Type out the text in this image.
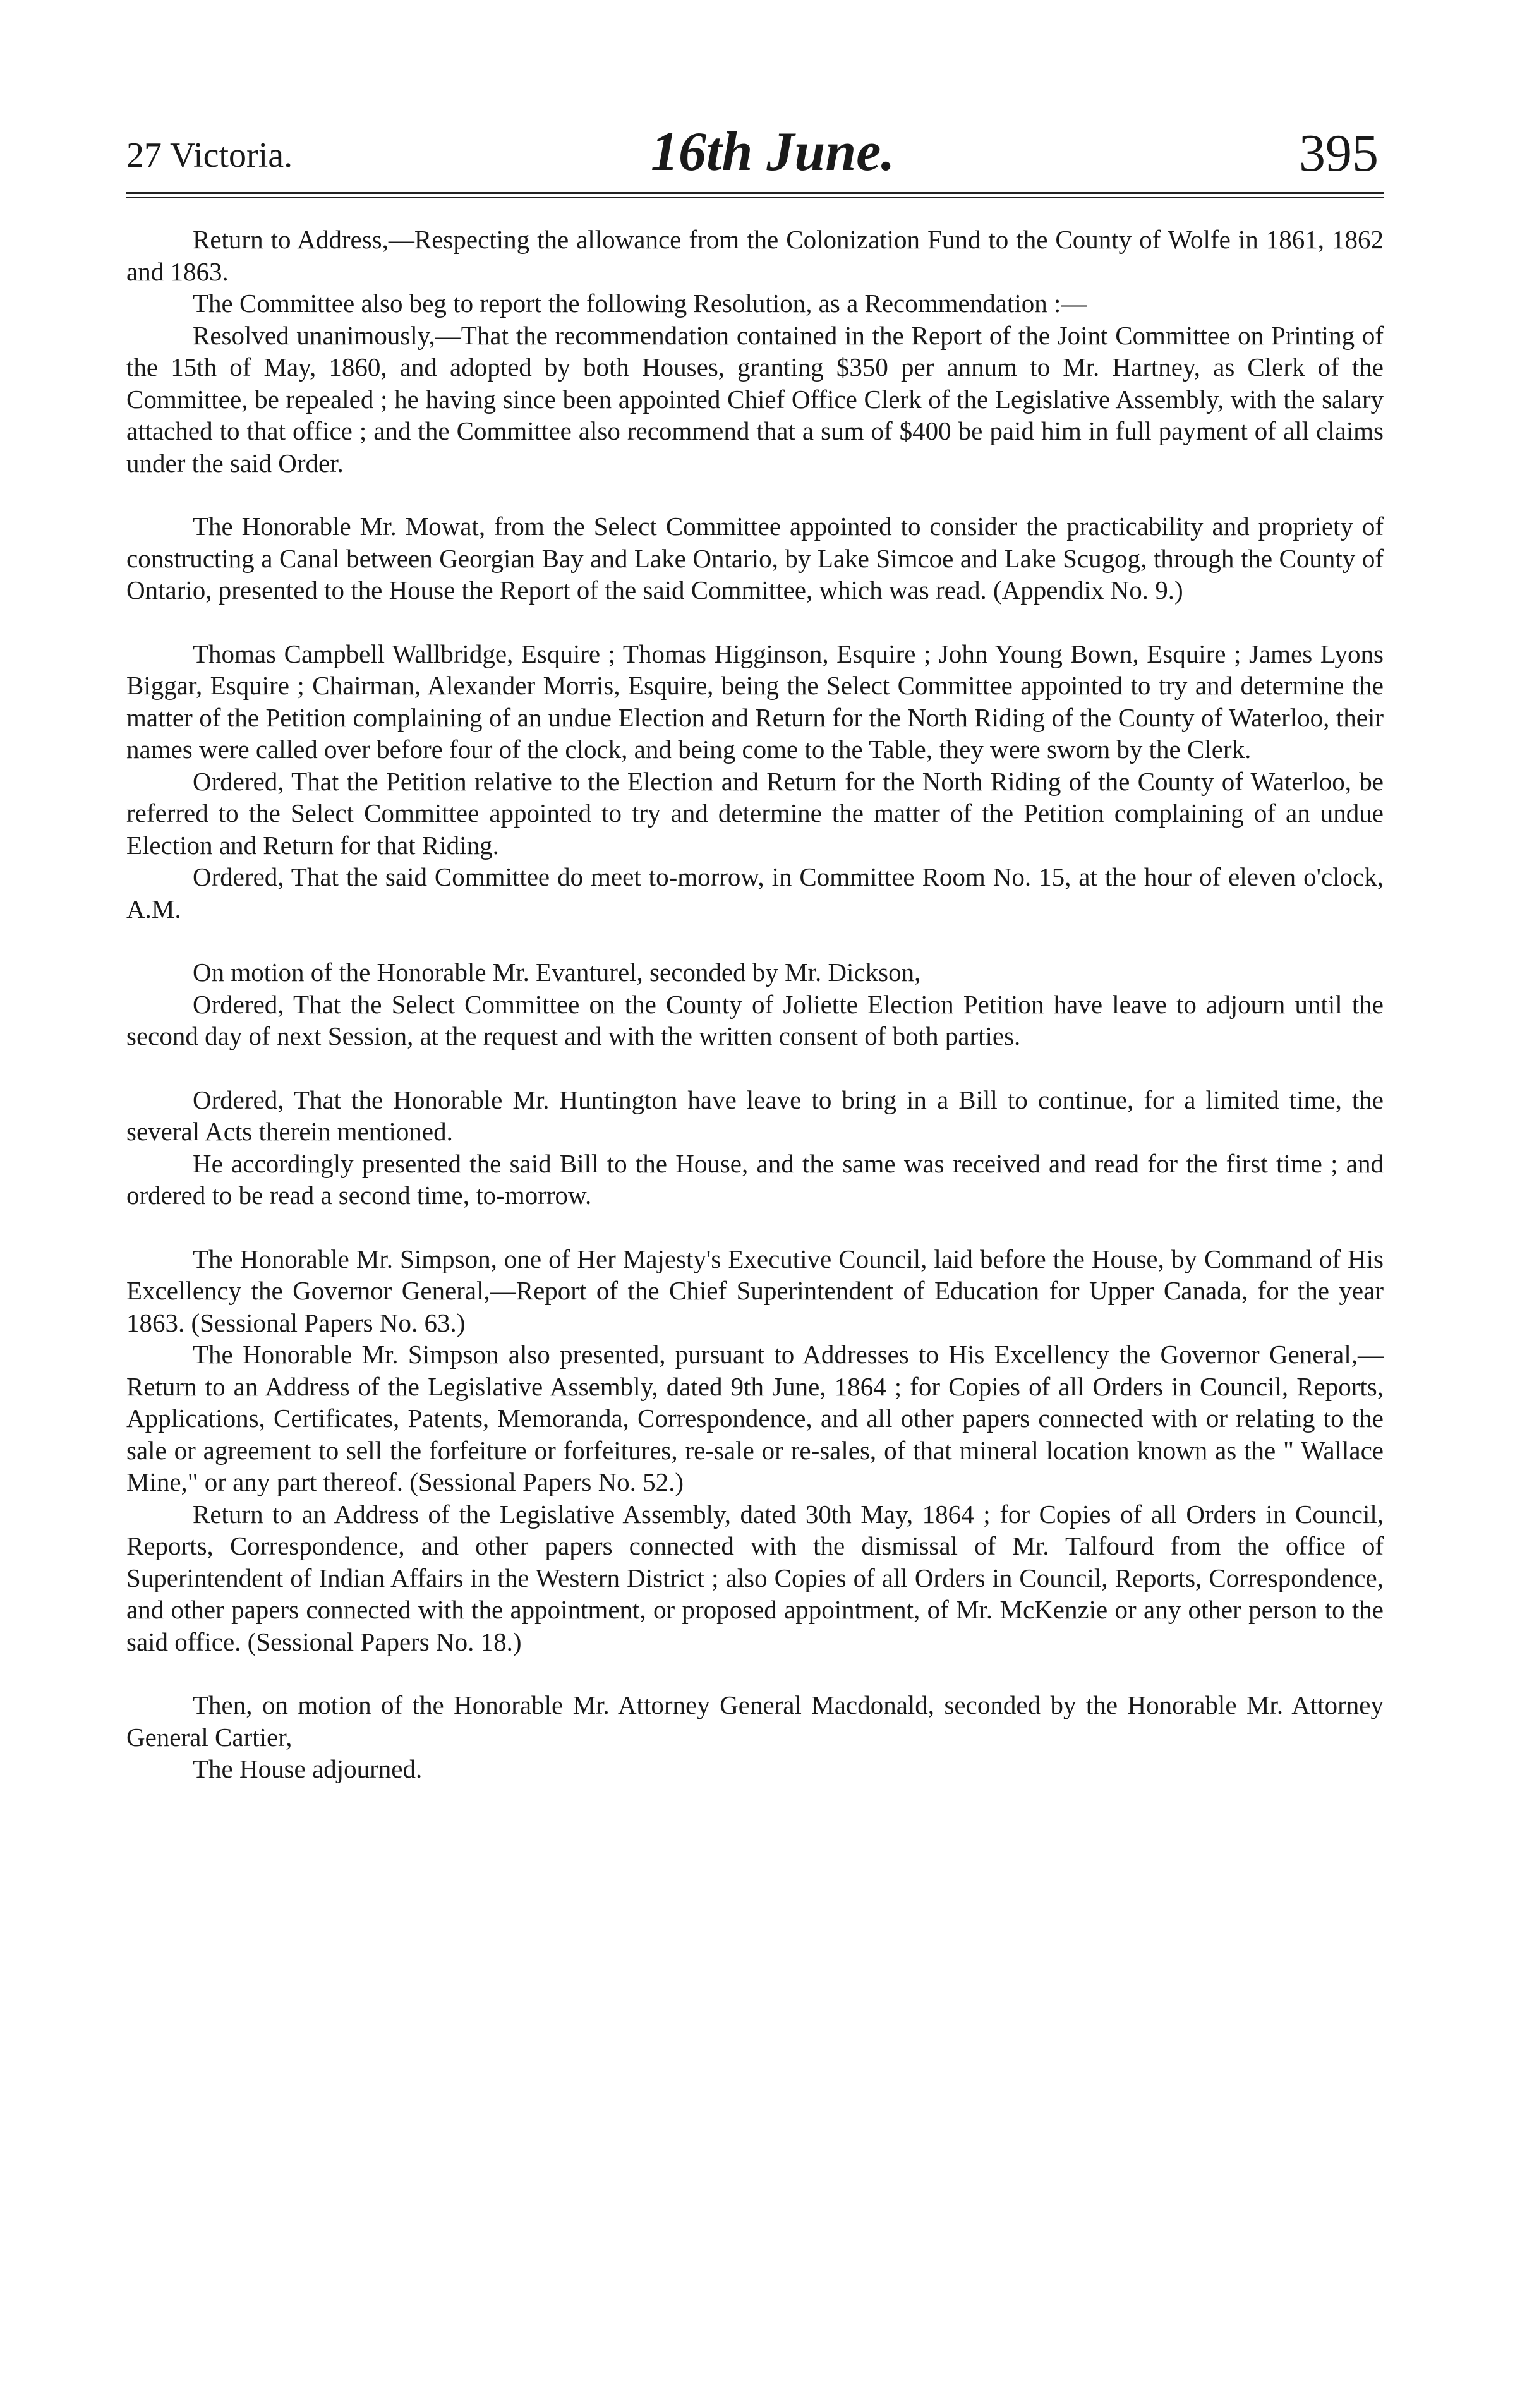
27 Victoria.	16th June.	395

Return to Address,—Respecting the allowance from the Colonization Fund to the County of Wolfe in 1861, 1862 and 1863.

The Committee also beg to report the following Resolution, as a Recommendation :—

Resolved unanimously,—That the recommendation contained in the Report of the Joint Committee on Printing of the 15th of May, 1860, and adopted by both Houses, granting $350 per annum to Mr. Hartney, as Clerk of the Committee, be repealed ; he having since been appointed Chief Office Clerk of the Legislative Assembly, with the salary attached to that office ; and the Committee also recommend that a sum of $400 be paid him in full payment of all claims under the said Order.

The Honorable Mr. Mowat, from the Select Committee appointed to consider the practicability and propriety of constructing a Canal between Georgian Bay and Lake Ontario, by Lake Simcoe and Lake Scugog, through the County of Ontario, presented to the House the Report of the said Committee, which was read. (Appendix No. 9.)

Thomas Campbell Wallbridge, Esquire ; Thomas Higginson, Esquire ; John Young Bown, Esquire ; James Lyons Biggar, Esquire ; Chairman, Alexander Morris, Esquire, being the Select Committee appointed to try and determine the matter of the Petition complaining of an undue Election and Return for the North Riding of the County of Waterloo, their names were called over before four of the clock, and being come to the Table, they were sworn by the Clerk.

Ordered, That the Petition relative to the Election and Return for the North Riding of the County of Waterloo, be referred to the Select Committee appointed to try and determine the matter of the Petition complaining of an undue Election and Return for that Riding.

Ordered, That the said Committee do meet to-morrow, in Committee Room No. 15, at the hour of eleven o'clock, A.M.

On motion of the Honorable Mr. Evanturel, seconded by Mr. Dickson,

Ordered, That the Select Committee on the County of Joliette Election Petition have leave to adjourn until the second day of next Session, at the request and with the written consent of both parties.

Ordered, That the Honorable Mr. Huntington have leave to bring in a Bill to continue, for a limited time, the several Acts therein mentioned.

He accordingly presented the said Bill to the House, and the same was received and read for the first time ; and ordered to be read a second time, to-morrow.

The Honorable Mr. Simpson, one of Her Majesty's Executive Council, laid before the House, by Command of His Excellency the Governor General,—Report of the Chief Superintendent of Education for Upper Canada, for the year 1863. (Sessional Papers No. 63.)

The Honorable Mr. Simpson also presented, pursuant to Addresses to His Excellency the Governor General,—Return to an Address of the Legislative Assembly, dated 9th June, 1864 ; for Copies of all Orders in Council, Reports, Applications, Certificates, Patents, Memoranda, Correspondence, and all other papers connected with or relating to the sale or agreement to sell the forfeiture or forfeitures, re-sale or re-sales, of that mineral location known as the " Wallace Mine," or any part thereof. (Sessional Papers No. 52.)

Return to an Address of the Legislative Assembly, dated 30th May, 1864 ; for Copies of all Orders in Council, Reports, Correspondence, and other papers connected with the dismissal of Mr. Talfourd from the office of Superintendent of Indian Affairs in the Western District ; also Copies of all Orders in Council, Reports, Correspondence, and other papers connected with the appointment, or proposed appointment, of Mr. McKenzie or any other person to the said office. (Sessional Papers No. 18.)

Then, on motion of the Honorable Mr. Attorney General Macdonald, seconded by the Honorable Mr. Attorney General Cartier,

The House adjourned.
